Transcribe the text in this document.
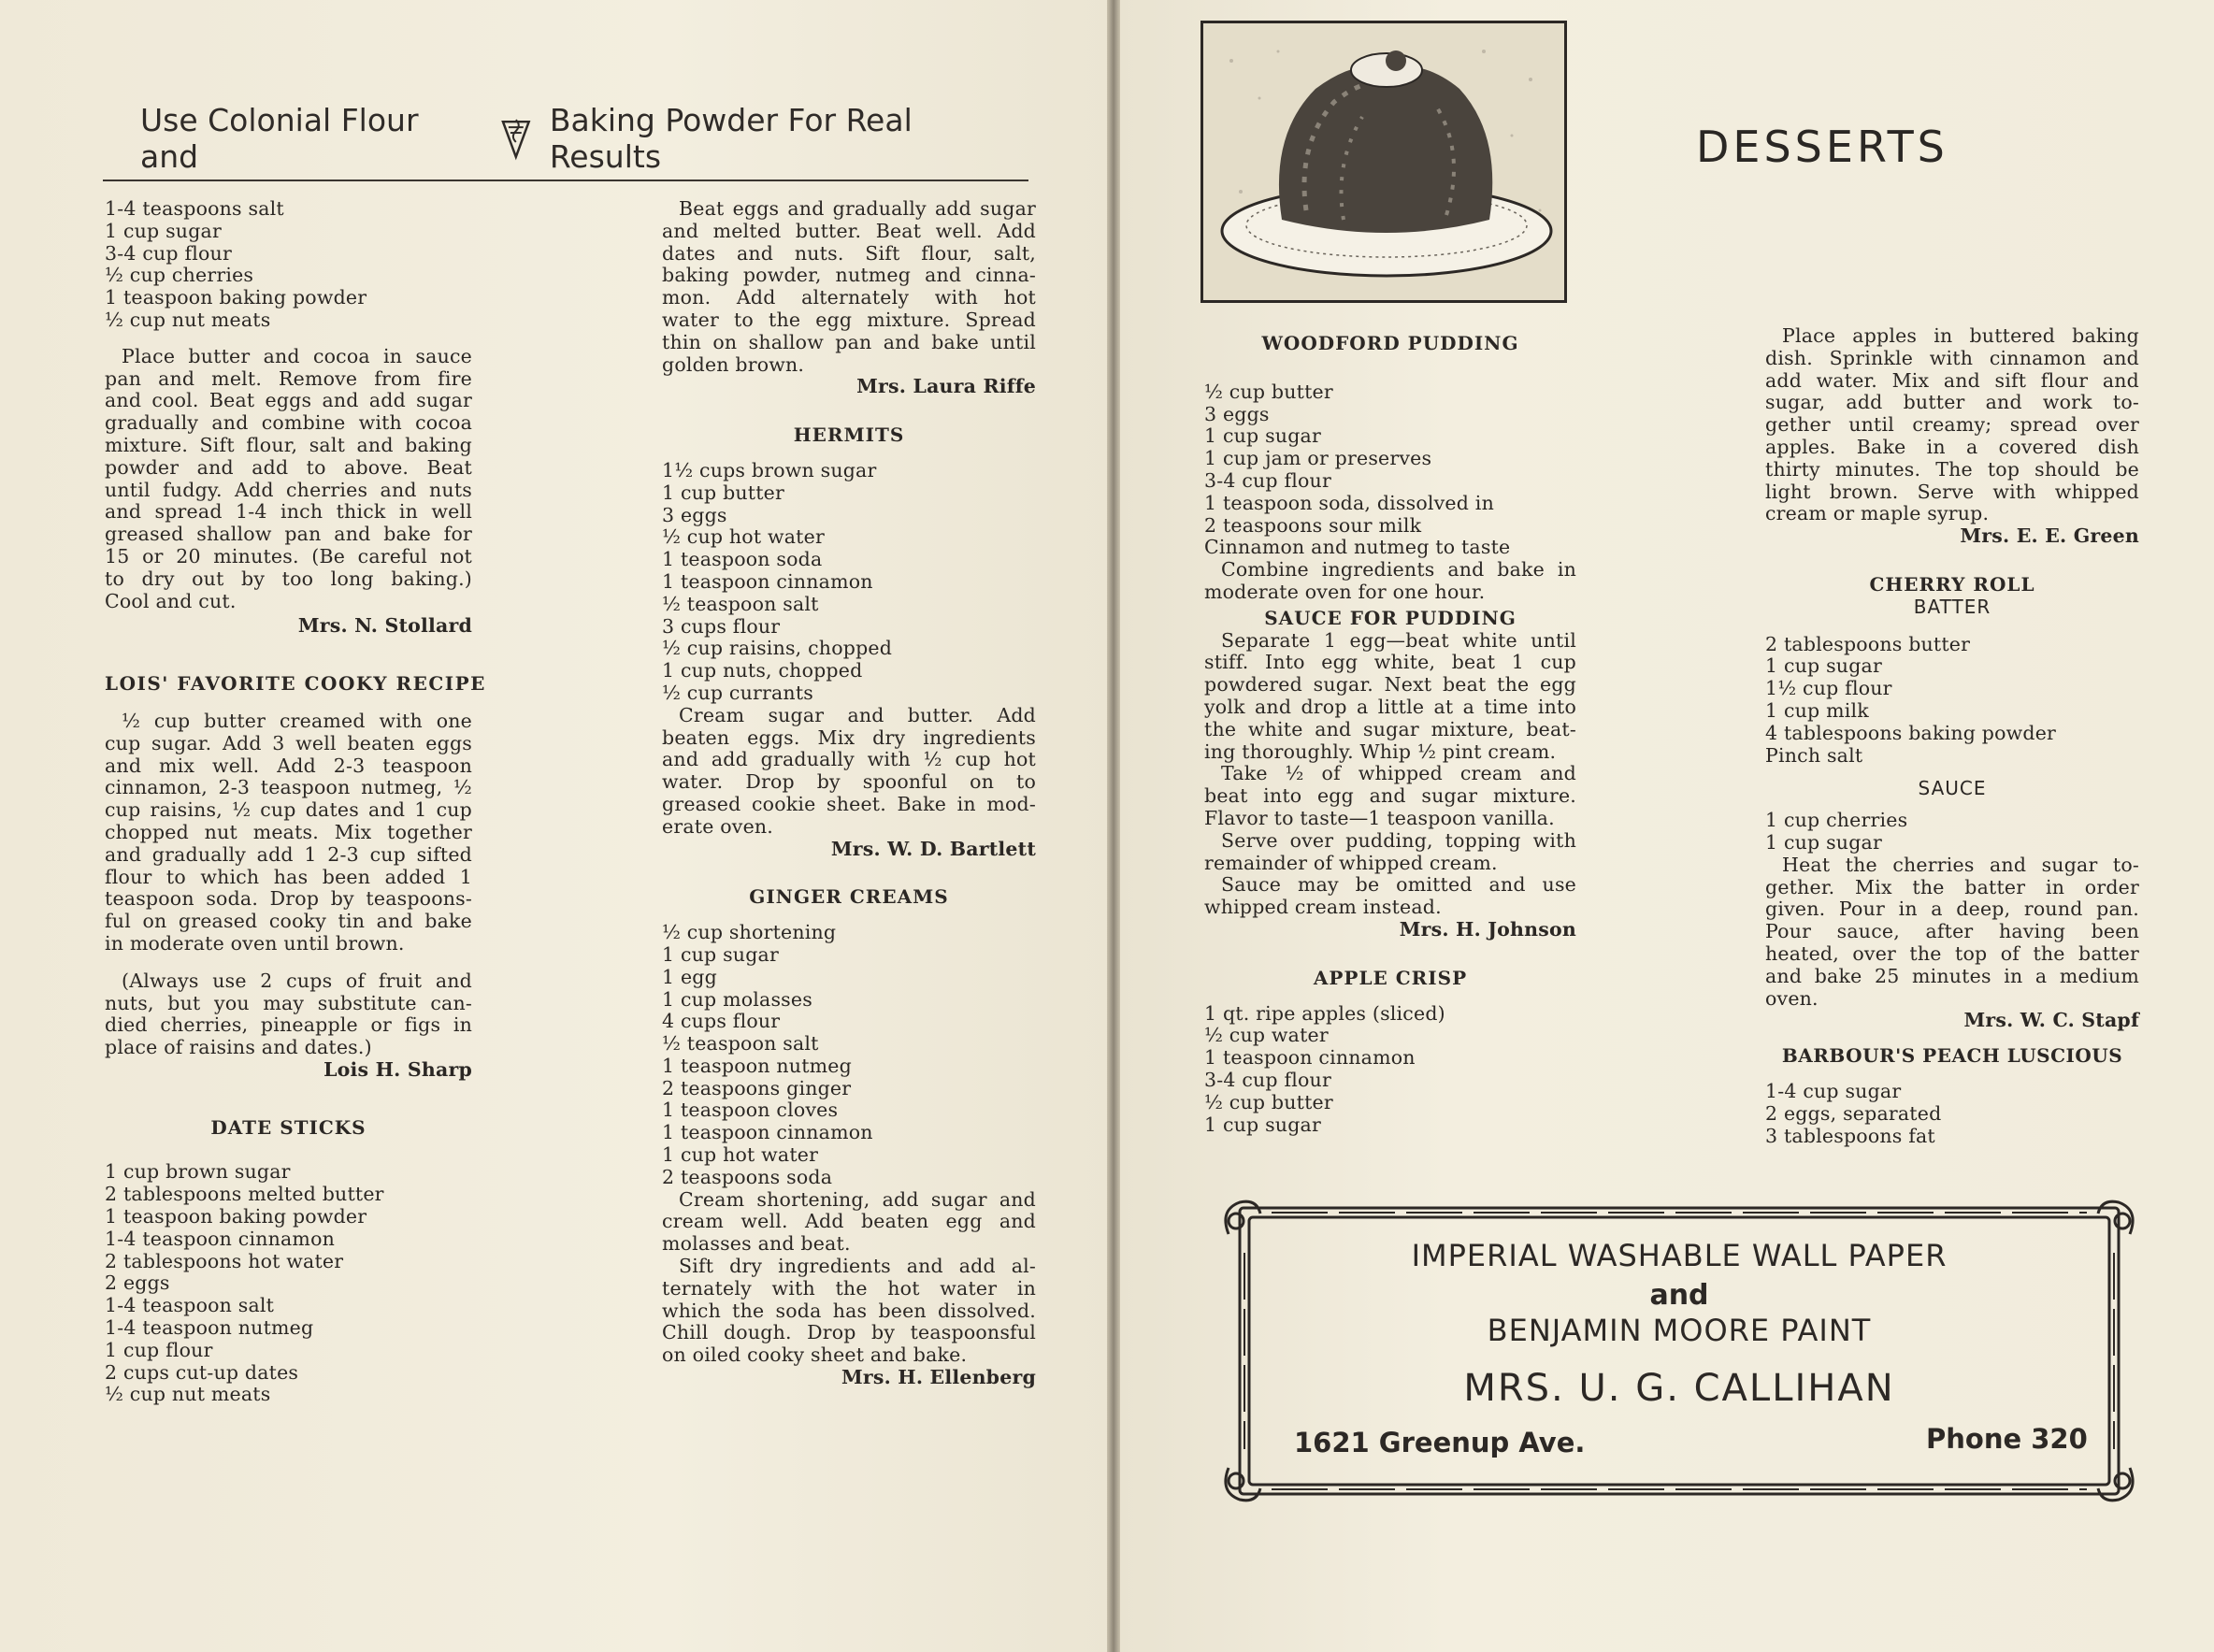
Use Colonial Flour and
Baking Powder For Real Results
1-4 teaspoons salt
1 cup sugar
3-4 cup flour
½ cup cherries
1 teaspoon baking powder
½ cup nut meats
Place butter and cocoa in sauce
pan and melt. Remove from fire
and cool. Beat eggs and add sugar
gradually and combine with cocoa
mixture. Sift flour, salt and baking
powder and add to above. Beat
until fudgy. Add cherries and nuts
and spread 1-4 inch thick in well
greased shallow pan and bake for
15 or 20 minutes. (Be careful not
to dry out by too long baking.)
Cool and cut.
Mrs. N. Stollard
LOIS' FAVORITE COOKY RECIPE
½ cup butter creamed with one
cup sugar. Add 3 well beaten eggs
and mix well. Add 2-3 teaspoon
cinnamon, 2-3 teaspoon nutmeg, ½
cup raisins, ½ cup dates and 1 cup
chopped nut meats. Mix together
and gradually add 1 2-3 cup sifted
flour to which has been added 1
teaspoon soda. Drop by teaspoons-
ful on greased cooky tin and bake
in moderate oven until brown.
(Always use 2 cups of fruit and
nuts, but you may substitute can-
died cherries, pineapple or figs in
place of raisins and dates.)
Lois H. Sharp
DATE STICKS
1 cup brown sugar
2 tablespoons melted butter
1 teaspoon baking powder
1-4 teaspoon cinnamon
2 tablespoons hot water
2 eggs
1-4 teaspoon salt
1-4 teaspoon nutmeg
1 cup flour
2 cups cut-up dates
½ cup nut meats
Beat eggs and gradually add sugar
and melted butter. Beat well. Add
dates and nuts. Sift flour, salt,
baking powder, nutmeg and cinna-
mon. Add alternately with hot
water to the egg mixture. Spread
thin on shallow pan and bake until
golden brown.
Mrs. Laura Riffe
HERMITS
1½ cups brown sugar
1 cup butter
3 eggs
½ cup hot water
1 teaspoon soda
1 teaspoon cinnamon
½ teaspoon salt
3 cups flour
½ cup raisins, chopped
1 cup nuts, chopped
½ cup currants
Cream sugar and butter. Add
beaten eggs. Mix dry ingredients
and add gradually with ½ cup hot
water. Drop by spoonful on to
greased cookie sheet. Bake in mod-
erate oven.
Mrs. W. D. Bartlett
GINGER CREAMS
½ cup shortening
1 cup sugar
1 egg
1 cup molasses
4 cups flour
½ teaspoon salt
1 teaspoon nutmeg
2 teaspoons ginger
1 teaspoon cloves
1 teaspoon cinnamon
1 cup hot water
2 teaspoons soda
Cream shortening, add sugar and
cream well. Add beaten egg and
molasses and beat.
Sift dry ingredients and add al-
ternately with the hot water in
which the soda has been dissolved.
Chill dough. Drop by teaspoonsful
on oiled cooky sheet and bake.
Mrs. H. Ellenberg
DESSERTS
WOODFORD PUDDING
½ cup butter
3 eggs
1 cup sugar
1 cup jam or preserves
3-4 cup flour
1 teaspoon soda, dissolved in
2 teaspoons sour milk
Cinnamon and nutmeg to taste
Combine ingredients and bake in
moderate oven for one hour.
SAUCE FOR PUDDING
Separate 1 egg—beat white until
stiff. Into egg white, beat 1 cup
powdered sugar. Next beat the egg
yolk and drop a little at a time into
the white and sugar mixture, beat-
ing thoroughly. Whip ½ pint cream.
Take ½ of whipped cream and
beat into egg and sugar mixture.
Flavor to taste—1 teaspoon vanilla.
Serve over pudding, topping with
remainder of whipped cream.
Sauce may be omitted and use
whipped cream instead.
Mrs. H. Johnson
APPLE CRISP
1 qt. ripe apples (sliced)
½ cup water
1 teaspoon cinnamon
3-4 cup flour
½ cup butter
1 cup sugar
Place apples in buttered baking
dish. Sprinkle with cinnamon and
add water. Mix and sift flour and
sugar, add butter and work to-
gether until creamy; spread over
apples. Bake in a covered dish
thirty minutes. The top should be
light brown. Serve with whipped
cream or maple syrup.
Mrs. E. E. Green
CHERRY ROLL
BATTER
2 tablespoons butter
1 cup sugar
1½ cup flour
1 cup milk
4 tablespoons baking powder
Pinch salt
SAUCE
1 cup cherries
1 cup sugar
Heat the cherries and sugar to-
gether. Mix the batter in order
given. Pour in a deep, round pan.
Pour sauce, after having been
heated, over the top of the batter
and bake 25 minutes in a medium
oven.
Mrs. W. C. Stapf
BARBOUR'S PEACH LUSCIOUS
1-4 cup sugar
2 eggs, separated
3 tablespoons fat
IMPERIAL WASHABLE WALL PAPER
and
BENJAMIN MOORE PAINT
MRS. U. G. CALLIHAN
1621 Greenup Ave.	Phone 320
